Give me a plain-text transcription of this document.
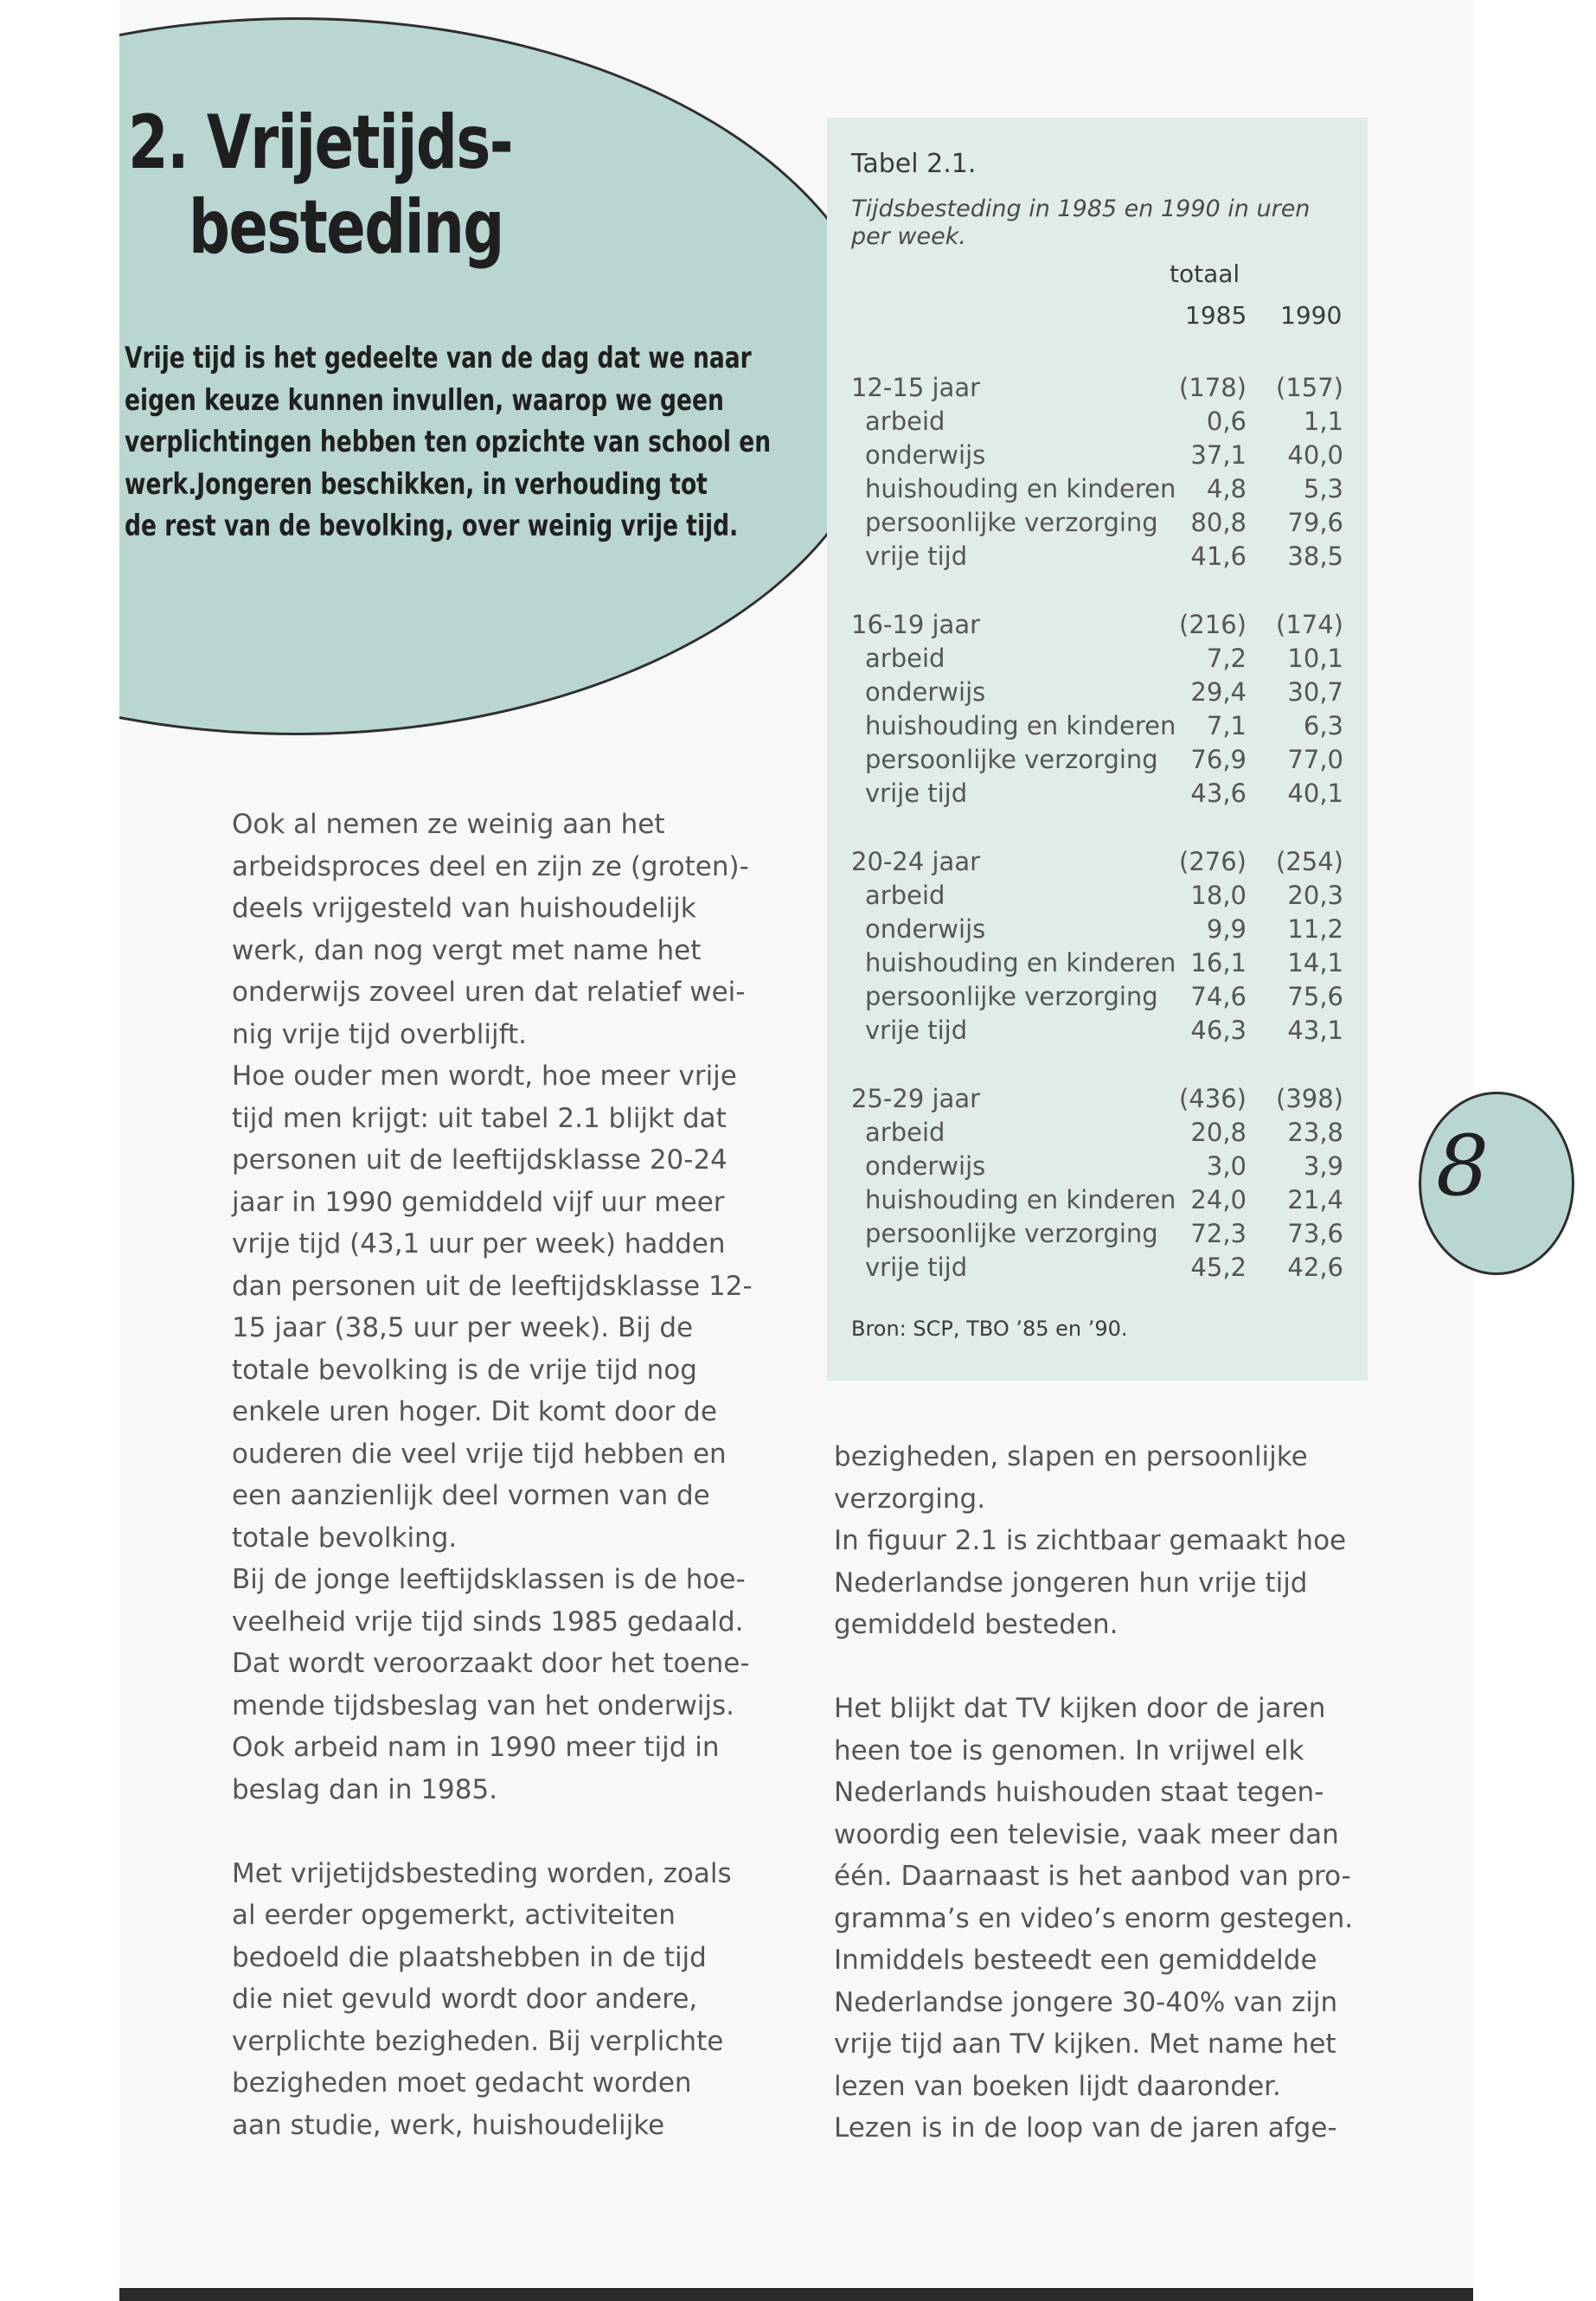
2. Vrijetijds-
besteding

Vrije tijd is het gedeelte van de dag dat we naar
eigen keuze kunnen invullen, waarop we geen
verplichtingen hebben ten opzichte van school en
werk.Jongeren beschikken, in verhouding tot
de rest van de bevolking, over weinig vrije tijd.

Ook al nemen ze weinig aan het
arbeidsproces deel en zijn ze (groten)-
deels vrijgesteld van huishoudelijk
werk, dan nog vergt met name het
onderwijs zoveel uren dat relatief wei-
nig vrije tijd overblijft.
Hoe ouder men wordt, hoe meer vrije
tijd men krijgt: uit tabel 2.1 blijkt dat
personen uit de leeftijdsklasse 20-24
jaar in 1990 gemiddeld vijf uur meer
vrije tijd (43,1 uur per week) hadden
dan personen uit de leeftijdsklasse 12-
15 jaar (38,5 uur per week). Bij de
totale bevolking is de vrije tijd nog
enkele uren hoger. Dit komt door de
ouderen die veel vrije tijd hebben en
een aanzienlijk deel vormen van de
totale bevolking.
Bij de jonge leeftijdsklassen is de hoe-
veelheid vrije tijd sinds 1985 gedaald.
Dat wordt veroorzaakt door het toene-
mende tijdsbeslag van het onderwijs.
Ook arbeid nam in 1990 meer tijd in
beslag dan in 1985.
Met vrijetijdsbesteding worden, zoals
al eerder opgemerkt, activiteiten
bedoeld die plaatshebben in de tijd
die niet gevuld wordt door andere,
verplichte bezigheden. Bij verplichte
bezigheden moet gedacht worden
aan studie, werk, huishoudelijke

Tabel 2.1.

Tijdsbesteding in 1985 en 1990 in uren per week.

totaal
1985 1990
12-15 jaar	(178) (157)
arbeid	0,6 1,1
onderwijs	37,1 40,0
huishouding en kinderen 4,8 5,3
persoonlijke verzorging 80,8 79,6
vrije tijd	41,6 38,5
16-19 jaar	(216) (174)
arbeid	7,2 10,1
onderwijs	29,4 30,7
huishouding en kinderen 7,1 6,3
persoonlijke verzorging 76,9 77,0
vrije tijd	43,6 40,1
20-24 jaar	(276) (254)
arbeid	18,0 20,3
onderwijs	9,9 11,2
huishouding en kinderen 16,1 14,1
persoonlijke verzorging 74,6 75,6
vrije tijd	46,3 43,1
25-29 jaar	(436) (398)
arbeid	20,8 23,8
onderwijs	3,0 3,9
huishouding en kinderen 24,0 21,4
persoonlijke verzorging 72,3 73,6
vrije tijd	45,2 42,6

Bron: SCP, TBO ’85 en ’90.

bezigheden, slapen en persoonlijke
verzorging.
In figuur 2.1 is zichtbaar gemaakt hoe
Nederlandse jongeren hun vrije tijd
gemiddeld besteden.
Het blijkt dat TV kijken door de jaren
heen toe is genomen. In vrijwel elk
Nederlands huishouden staat tegen-
woordig een televisie, vaak meer dan
één. Daarnaast is het aanbod van pro-
gramma’s en video’s enorm gestegen.
Inmiddels besteedt een gemiddelde
Nederlandse jongere 30-40% van zijn
vrije tijd aan TV kijken. Met name het
lezen van boeken lijdt daaronder.
Lezen is in de loop van de jaren afge-

8
